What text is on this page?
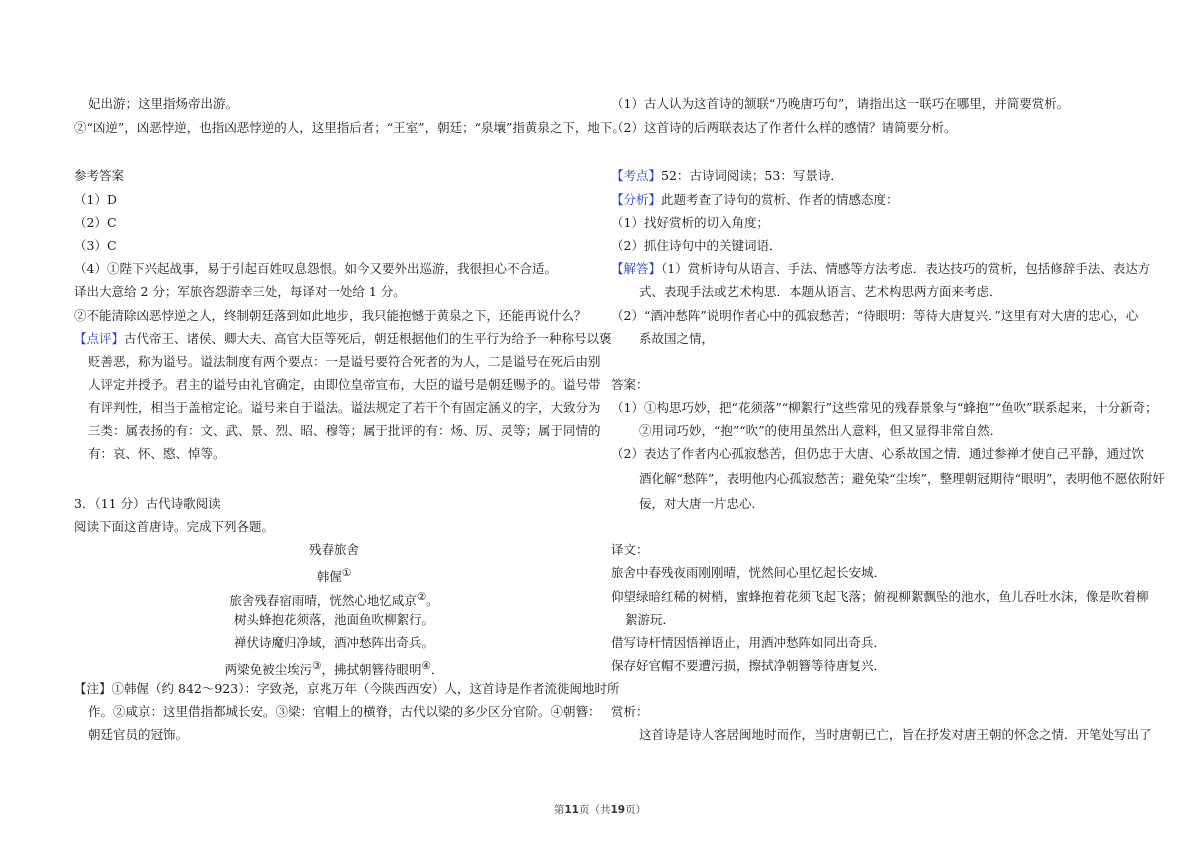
妃出游；这里指炀帝出游。
②“凶逆”，凶恶悖逆，也指凶恶悖逆的人，这里指后者；“王室”，朝廷；“泉壤”指黄泉之下，地下。
参考答案
（1）D
（2）C
（3）C
（4）①陛下兴起战事，易于引起百姓叹息怨恨。如今又要外出巡游，我很担心不合适。
译出大意给 2 分；军旅咨怨游幸三处，每译对一处给 1 分。
②不能清除凶恶悖逆之人，终制朝廷落到如此地步，我只能抱憾于黄泉之下，还能再说什么？
【点评】古代帝王、诸侯、卿大夫、高官大臣等死后，朝廷根据他们的生平行为给予一种称号以褒
贬善恶，称为谥号。谥法制度有两个要点：一是谥号要符合死者的为人，二是谥号在死后由别
人评定并授予。君主的谥号由礼官确定，由即位皇帝宣布，大臣的谥号是朝廷赐予的。谥号带
有评判性，相当于盖棺定论。谥号来自于谥法。谥法规定了若干个有固定涵义的字，大致分为
三类：属表扬的有：文、武、景、烈、昭、穆等；属于批评的有：炀、厉、灵等；属于同情的
有：哀、怀、愍、悼等。
3．（11 分）古代诗歌阅读
阅读下面这首唐诗。完成下列各题。
残春旅舍
韩偓①
旅舍残春宿雨晴，恍然心地忆咸京②。
树头蜂抱花须落，池面鱼吹柳絮行。
禅伏诗魔归净域，酒冲愁阵出奇兵。
两梁免被尘埃污③，拂拭朝簪待眼明④．
【注】①韩偓（约 842～923）：字致尧，京兆万年（今陕西西安）人，这首诗是作者流徙闽地时所
作。②咸京：这里借指都城长安。③梁：官帽上的横脊，古代以梁的多少区分官阶。④朝簪：
朝廷官员的冠饰。
（1）古人认为这首诗的颔联“乃晚唐巧句”，请指出这一联巧在哪里，并简要赏析。
（2）这首诗的后两联表达了作者什么样的感情？请简要分析。
【考点】52：古诗词阅读；53：写景诗．
【分析】此题考查了诗句的赏析、作者的情感态度：
（1）找好赏析的切入角度；
（2）抓住诗句中的关键词语．
【解答】（1）赏析诗句从语言、手法、情感等方法考虑．表达技巧的赏析，包括修辞手法、表达方
式、表现手法或艺术构思．本题从语言、艺术构思两方面来考虑．
（2）“酒冲愁阵”说明作者心中的孤寂愁苦；“待眼明：等待大唐复兴．”这里有对大唐的忠心，心
系故国之情，
答案：
（1）①构思巧妙，把“花须落”“柳絮行”这些常见的残春景象与“蜂抱”“鱼吹”联系起来，十分新奇；
②用词巧妙，“抱”“吹”的使用虽然出人意料，但又显得非常自然．
（2）表达了作者内心孤寂愁苦，但仍忠于大唐、心系故国之情．通过参禅才使自己平静，通过饮
酒化解“愁阵”，表明他内心孤寂愁苦；避免染“尘埃”，整理朝冠期待“眼明”，表明他不愿依附奸
佞，对大唐一片忠心．
译文：
旅舍中春残夜雨刚刚晴，恍然间心里忆起长安城．
仰望绿暗红稀的树梢，蜜蜂抱着花须飞起飞落；俯视柳絮飘坠的池水，鱼儿吞吐水沫，像是吹着柳
絮游玩．
借写诗杆情因悟禅语止，用酒冲愁阵如同出奇兵．
保存好官帽不要遭污损，擦拭净朝簪等待唐复兴．
赏析：
这首诗是诗人客居闽地时而作，当时唐朝已亡，旨在抒发对唐王朝的怀念之情．开笔处写出了
第11页（共19页）
